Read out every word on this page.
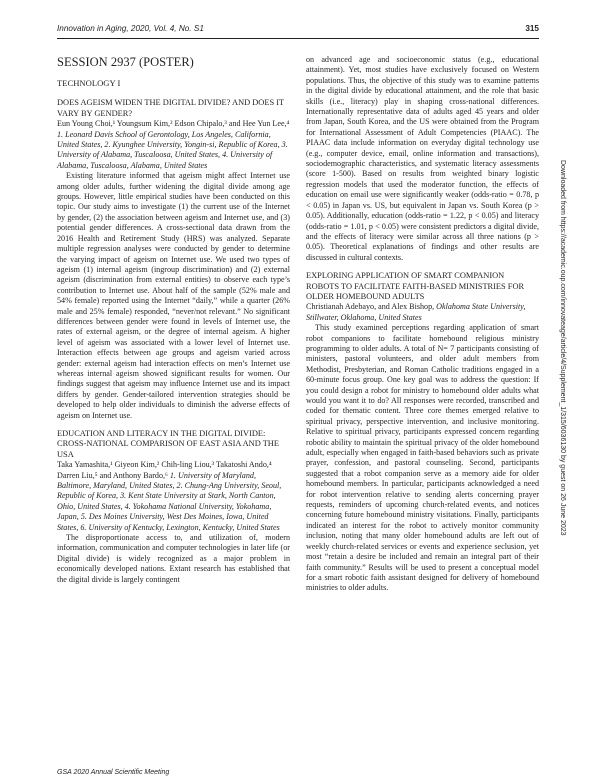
Innovation in Aging, 2020, Vol. 4, No. S1	315
SESSION 2937 (POSTER)
TECHNOLOGY I

DOES AGEISM WIDEN THE DIGITAL DIVIDE? AND DOES IT VARY BY GENDER?

Eun Young Choi,¹ Youngsum Kim,² Edson Chipalo,³ and Hee Yun Lee,⁴ 1. Leonard Davis School of Gerontology, Los Angeles, California, United States, 2. Kyunghee University, Yongin-si, Republic of Korea, 3. University of Alabama, Tuscaloosa, United States, 4. University of Alabama, Tuscaloosa, Alabama, United States

Existing literature informed that ageism might affect Internet use among older adults, further widening the digital divide among age groups. However, little empirical studies have been conducted on this topic. Our study aims to investigate (1) the current use of the Internet by gender, (2) the association between ageism and Internet use, and (3) potential gender differences. A cross-sectional data drawn from the 2016 Health and Retirement Study (HRS) was analyzed. Separate multiple regression analyses were conducted by gender to determine the varying impact of ageism on Internet use. We used two types of ageism (1) internal ageism (ingroup discrimination) and (2) external ageism (discrimination from external entities) to observe each type’s contribution to Internet use. About half of the sample (52% male and 54% female) reported using the Internet “daily,” while a quarter (26% male and 25% female) responded, “never/not relevant.” No significant differences between gender were found in levels of Internet use, the rates of external ageism, or the degree of internal ageism. A higher level of ageism was associated with a lower level of Internet use. Interaction effects between age groups and ageism varied across gender: external ageism had interaction effects on men’s Internet use whereas internal ageism showed significant results for women. Our findings suggest that ageism may influence Internet use and its impact differs by gender. Gender-tailored intervention strategies should be developed to help older individuals to diminish the adverse effects of ageism on Internet use.

EDUCATION AND LITERACY IN THE DIGITAL DIVIDE: CROSS-NATIONAL COMPARISON OF EAST ASIA AND THE USA

Taka Yamashita,¹ Giyeon Kim,² Chih-ling Liou,³ Takatoshi Ando,⁴ Darren Liu,⁵ and Anthony Bardo,⁶ 1. University of Maryland, Baltimore, Maryland, United States, 2. Chung-Ang University, Seoul, Republic of Korea, 3. Kent State University at Stark, North Canton, Ohio, United States, 4. Yokohama National University, Yokohama, Japan, 5. Des Moines University, West Des Moines, Iowa, United States, 6. University of Kentucky, Lexington, Kentucky, United States

The disproportionate access to, and utilization of, modern information, communication and computer technologies in later life (or Digital divide) is widely recognized as a major problem in economically developed nations. Extant research has established that the digital divide is largely contingent

on advanced age and socioeconomic status (e.g., educational attainment). Yet, most studies have exclusively focused on Western populations. Thus, the objective of this study was to examine patterns in the digital divide by educational attainment, and the role that basic skills (i.e., literacy) play in shaping cross-national differences. Internationally representative data of adults aged 45 years and older from Japan, South Korea, and the US were obtained from the Program for International Assessment of Adult Competencies (PIAAC). The PIAAC data include information on everyday digital technology use (e.g., computer device, email, online information and transactions), sociodemographic characteristics, and systematic literacy assessments (score 1-500). Based on results from weighted binary logistic regression models that used the moderator function, the effects of education on email use were significantly weaker (odds-ratio = 0.78, p < 0.05) in Japan vs. US, but equivalent in Japan vs. South Korea (p > 0.05). Additionally, education (odds-ratio = 1.22, p < 0.05) and literacy (odds-ratio = 1.01, p < 0.05) were consistent predictors a digital divide, and the effects of literacy were similar across all three nations (p > 0.05). Theoretical explanations of findings and other results are discussed in cultural contexts.

EXPLORING APPLICATION OF SMART COMPANION ROBOTS TO FACILITATE FAITH-BASED MINISTRIES FOR OLDER HOMEBOUND ADULTS

Christianah Adebayo, and Alex Bishop, Oklahoma State University, Stillwater, Oklahoma, United States

This study examined perceptions regarding application of smart robot companions to facilitate homebound religious ministry programming to older adults. A total of N= 7 participants consisting of ministers, pastoral volunteers, and older adult members from Methodist, Presbyterian, and Roman Catholic traditions engaged in a 60-minute focus group. One key goal was to address the question: If you could design a robot for ministry to homebound older adults what would you want it to do? All responses were recorded, transcribed and coded for thematic content. Three core themes emerged relative to spiritual privacy, perspective intervention, and inclusive monitoring. Relative to spiritual privacy, participants expressed concern regarding robotic ability to maintain the spiritual privacy of the older homebound adult, especially when engaged in faith-based behaviors such as private prayer, confession, and pastoral counseling. Second, participants suggested that a robot companion serve as a memory aide for older homebound members. In particular, participants acknowledged a need for robot intervention relative to sending alerts concerning prayer requests, reminders of upcoming church-related events, and notices concerning future homebound ministry visitations. Finally, participants indicated an interest for the robot to actively monitor community inclusion, noting that many older homebound adults are left out of weekly church-related services or events and experience seclusion, yet most “retain a desire be included and remain an integral part of their faith community.” Results will be used to present a conceptual model for a smart robotic faith assistant designed for delivery of homebound ministries to older adults.

Downloaded from https://academic.oup.com/innovateage/article/4/Supplement_1/315/6036130 by guest on 26 June 2023
GSA 2020 Annual Scientific Meeting
